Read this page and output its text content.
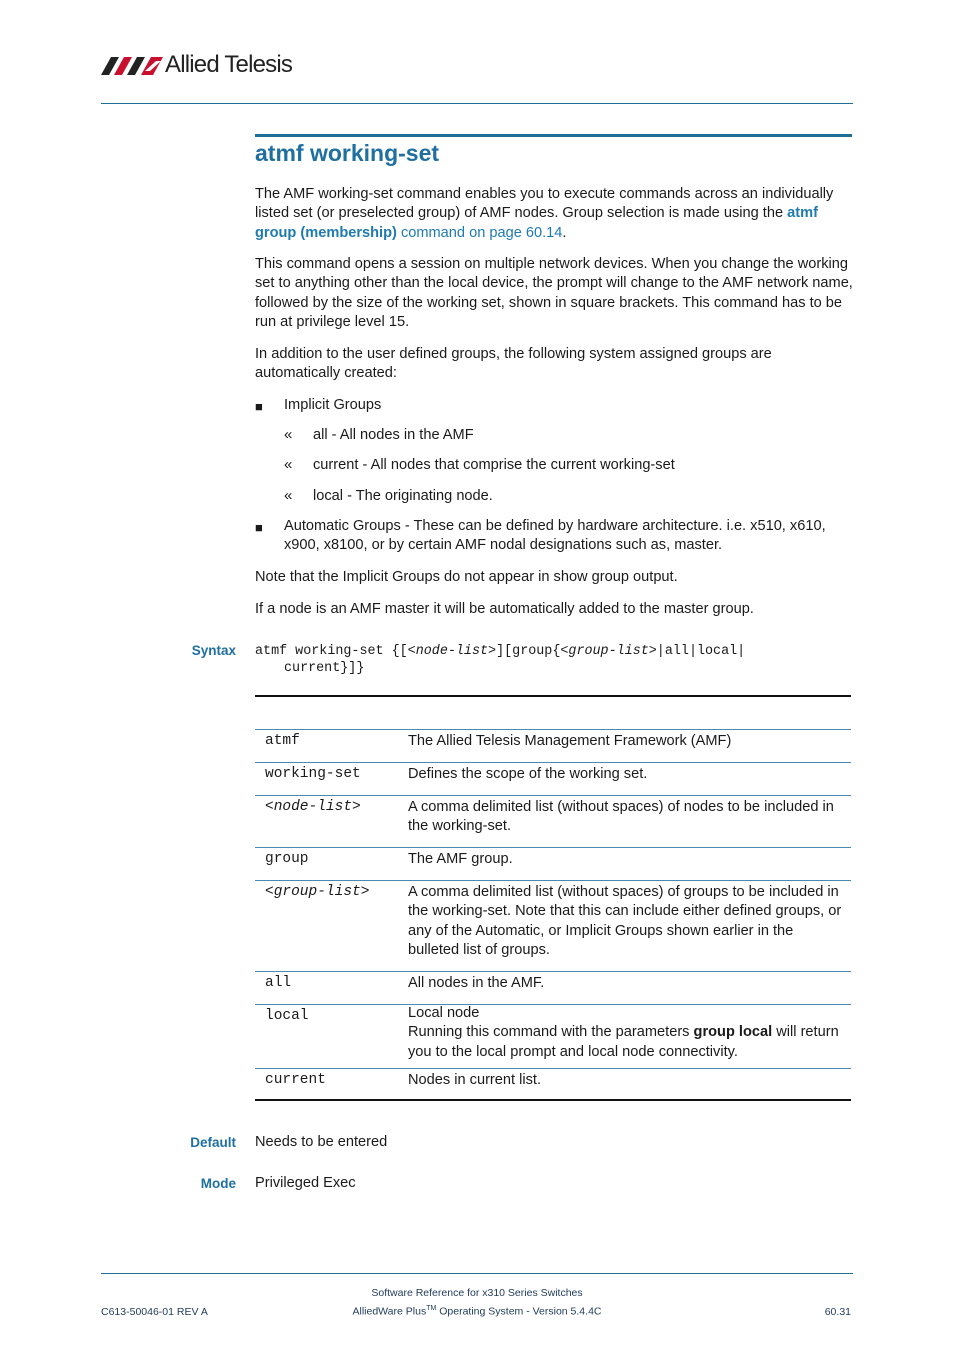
Allied Telesis
atmf working-set
The AMF working-set command enables you to execute commands across an individually listed set (or preselected group) of AMF nodes. Group selection is made using the atmf group (membership) command on page 60.14.
This command opens a session on multiple network devices. When you change the working set to anything other than the local device, the prompt will change to the AMF network name, followed by the size of the working set, shown in square brackets. This command has to be run at privilege level 15.
In addition to the user defined groups, the following system assigned groups are automatically created:
■ Implicit Groups
« all - All nodes in the AMF
« current - All nodes that comprise the current working-set
« local - The originating node.
■ Automatic Groups - These can be defined by hardware architecture. i.e. x510, x610, x900, x8100, or by certain AMF nodal designations such as, master.
Note that the Implicit Groups do not appear in show group output.
If a node is an AMF master it will be automatically added to the master group.
Syntax atmf working-set {[<node-list>][group{<group-list>|all|local|
current}]}
atmf	The Allied Telesis Management Framework (AMF)
working-set	Defines the scope of the working set.
<node-list>	A comma delimited list (without spaces) of nodes to be included in the working-set.
group	The AMF group.
<group-list>	A comma delimited list (without spaces) of groups to be included in the working-set. Note that this can include either defined groups, or any of the Automatic, or Implicit Groups shown earlier in the bulleted list of groups.
all	All nodes in the AMF.
local	Local node
Running this command with the parameters group local will return you to the local prompt and local node connectivity.
current	Nodes in current list.
Default Needs to be entered
Mode Privileged Exec
C613-50046-01 REV A
Software Reference for x310 Series Switches
AlliedWare Plus™ Operating System - Version 5.4.4C	60.31
